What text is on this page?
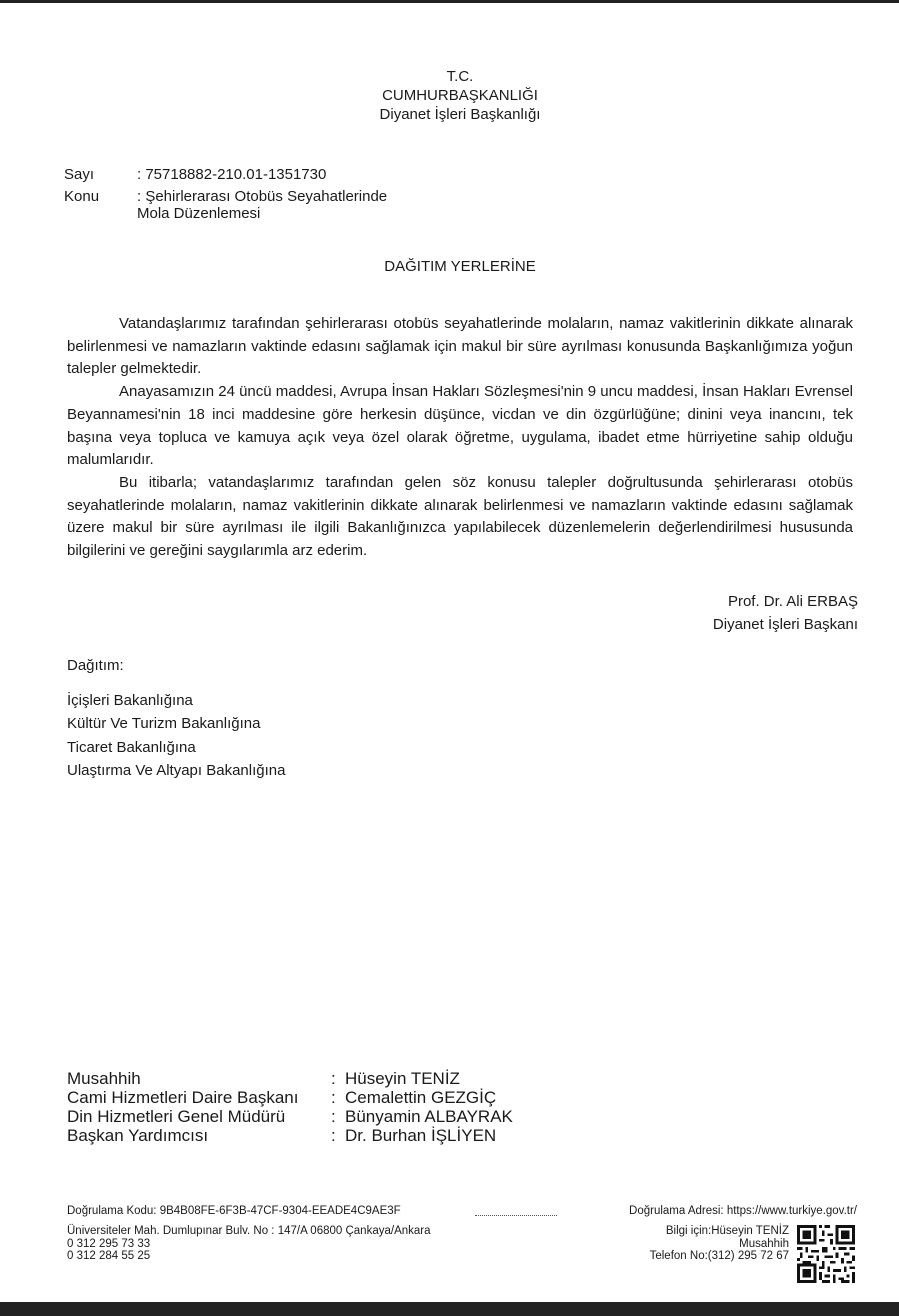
T.C.
CUMHURBAŞKANLIĞI
Diyanet İşleri Başkanlığı
Sayı	: 75718882-210.01-1351730
Konu	: Şehirlerarası Otobüs Seyahatlerinde
Mola Düzenlemesi
DAĞITIM YERLERİNE

Vatandaşlarımız tarafından şehirlerarası otobüs seyahatlerinde molaların, namaz vakitlerinin dikkate alınarak belirlenmesi ve namazların vaktinde edasını sağlamak için makul bir süre ayrılması konusunda Başkanlığımıza yoğun talepler gelmektedir.

Anayasamızın 24 üncü maddesi, Avrupa İnsan Hakları Sözleşmesi'nin 9 uncu maddesi, İnsan Hakları Evrensel Beyannamesi'nin 18 inci maddesine göre herkesin düşünce, vicdan ve din özgürlüğüne; dinini veya inancını, tek başına veya topluca ve kamuya açık veya özel olarak öğretme, uygulama, ibadet etme hürriyetine sahip olduğu malumlarıdır.

Bu itibarla; vatandaşlarımız tarafından gelen söz konusu talepler doğrultusunda şehirlerarası otobüs seyahatlerinde molaların, namaz vakitlerinin dikkate alınarak belirlenmesi ve namazların vaktinde edasını sağlamak üzere makul bir süre ayrılması ile ilgili Bakanlığınızca yapılabilecek düzenlemelerin değerlendirilmesi hususunda bilgilerini ve gereğini saygılarımla arz ederim.

Prof. Dr. Ali ERBAŞ
Diyanet İşleri Başkanı
Dağıtım:
İçişleri Bakanlığına
Kültür Ve Turizm Bakanlığına
Ticaret Bakanlığına
Ulaştırma Ve Altyapı Bakanlığına
Musahhih	: Hüseyin TENİZ
Cami Hizmetleri Daire Başkanı : Cemalettin GEZGİÇ
Din Hizmetleri Genel Müdürü	: Bünyamin ALBAYRAK
Başkan Yardımcısı	: Dr. Burhan İŞLİYEN
Doğrulama Kodu: 9B4B08FE-6F3B-47CF-9304-EEADE4C9AE3F	Doğrulama Adresi: https://www.turkiye.gov.tr/
Üniversiteler Mah. Dumlupınar Bulv. No : 147/A 06800 Çankaya/Ankara
0 312 295 73 33
0 312 284 55 25
Bilgi için:Hüseyin TENİZ
Musahhih
Telefon No:(312) 295 72 67
